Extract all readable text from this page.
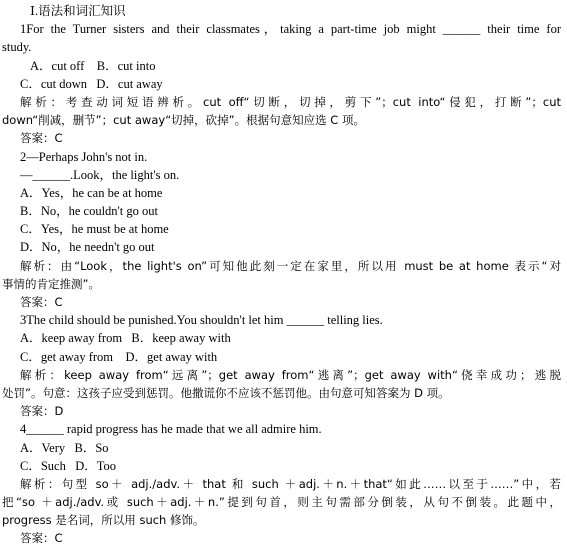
Ⅰ.语法和词汇知识
1For the Turner sisters and their classmates，taking a part-time job might ______ their time for
study.
A．cut off    B．cut into
C．cut down   D．cut away
解析：考查动词短语辨析。cut off“切断，切掉，剪下”；cut into“侵犯，打断”；cut
down“削减，删节”；cut away“切掉，砍掉”。根据句意知应选 C 项。
答案：C
2—Perhaps John's not in.
—______.Look，the light's on.
A．Yes，he can be at home
B．No，he couldn't go out
C．Yes，he must be at home
D．No，he needn't go out
解析：由“Look，the light's on”可知他此刻一定在家里，所以用 must be at home 表示“对
事情的肯定推测”。
答案：C
3The child should be punished.You shouldn't let him ______ telling lies.
A．keep away from   B．keep away with
C．get away from    D．get away with
解析：keep away from“远离”；get away from“逃离”；get away with“侥幸成功；逃脱
处罚”。句意：这孩子应受到惩罚。他撒谎你不应该不惩罚他。由句意可知答案为 D 项。
答案：D
4______ rapid progress has he made that we all admire him.
A．Very   B．So
C．Such   D．Too
解析：句型 so＋ adj./adv.＋ that 和 such ＋adj.＋n.＋that“如此……以至于……”中，若
把“so ＋adj./adv.或 such＋adj.＋n.”提到句首，则主句需部分倒装，从句不倒装。此题中，
progress 是名词，所以用 such 修饰。
答案：C
